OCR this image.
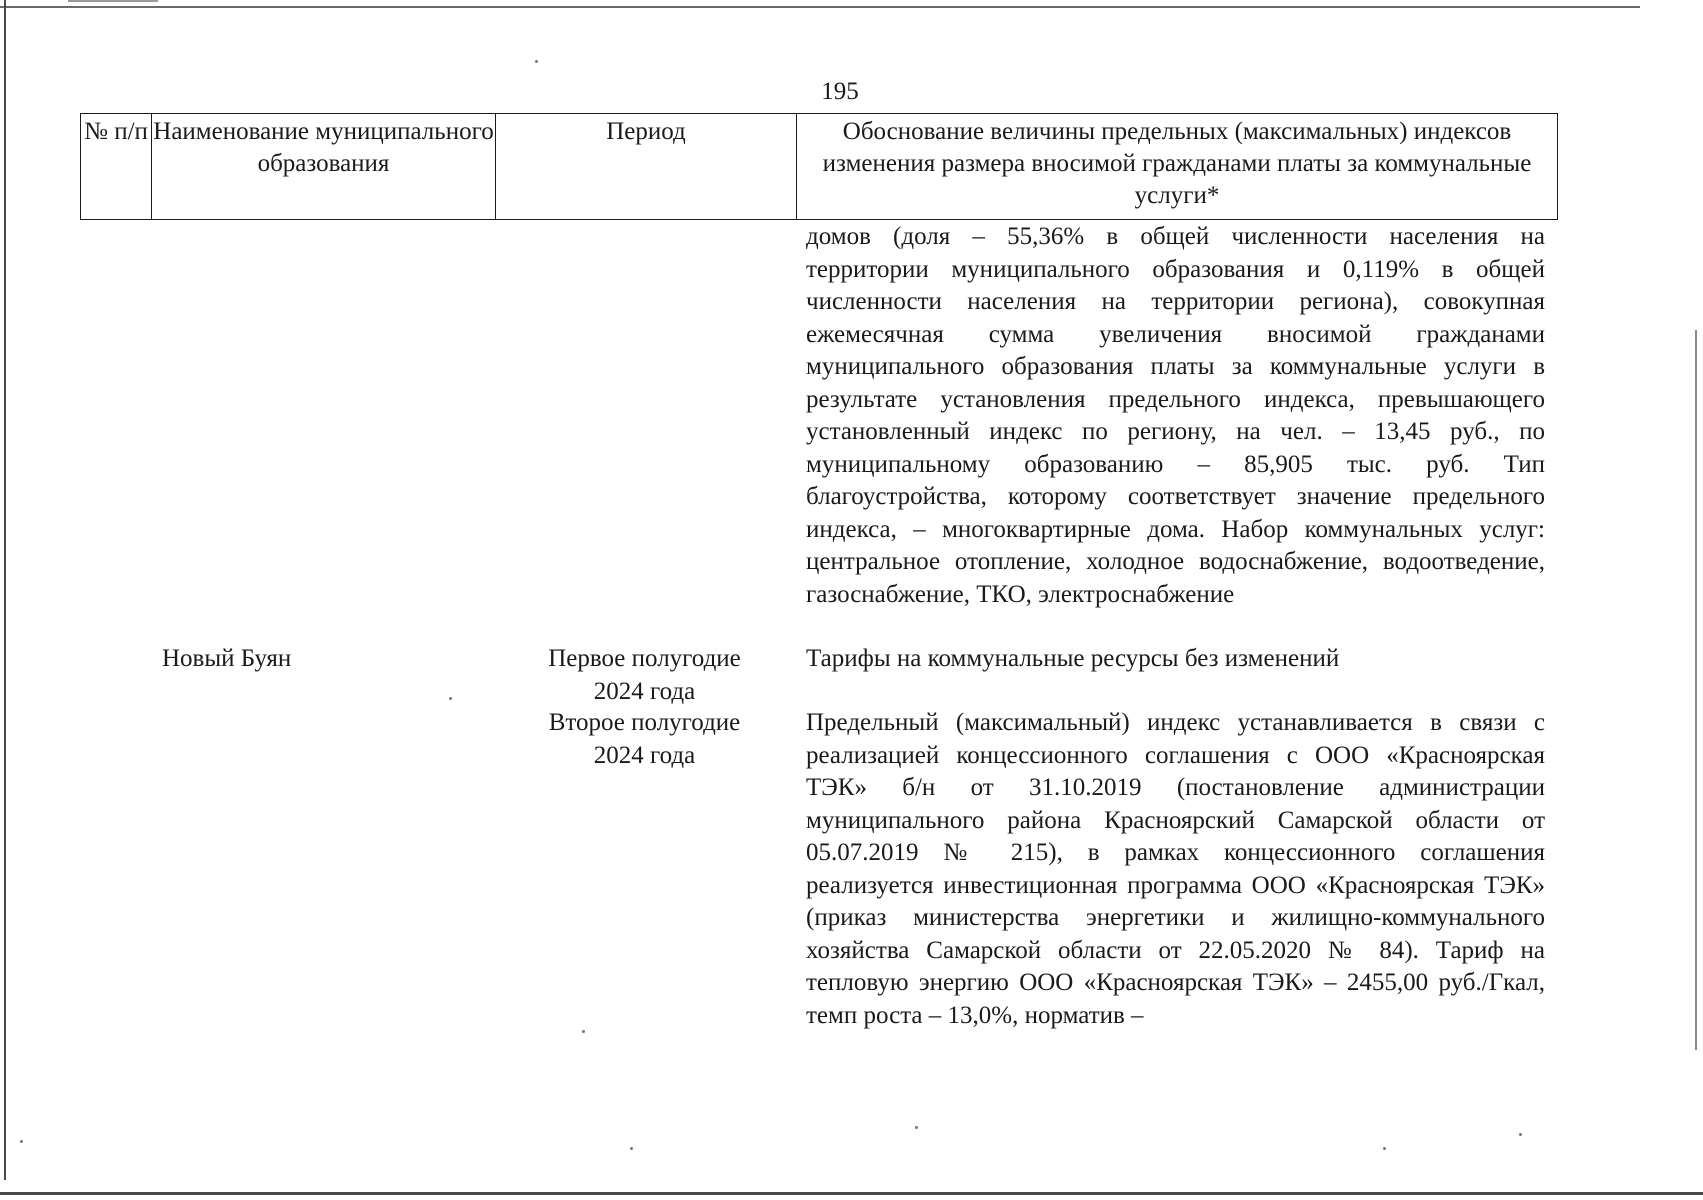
195
№ п/п Наименование муниципального образования
Период	Обоснование величины предельных (максимальных) индексов изменения размера вносимой гражданами платы за коммунальные услуги*
домов (доля – 55,36% в общей численности населения на территории муниципального образования и 0,119% в общей численности населения на территории региона), совокупная ежемесячная сумма увеличения вносимой гражданами муниципального образования платы за коммунальные услуги в результате установления предельного индекса, превышающего установленный индекс по региону, на чел. – 13,45 руб., по муниципальному образованию – 85,905 тыс. руб. Тип благоустройства, которому соответствует значение предельного индекса, – многоквартирные дома. Набор коммунальных услуг: центральное отопление, холодное водоснабжение, водоотведение, газоснабжение, ТКО, электроснабжение
Новый Буян	Первое полугодие 2024 года
Тарифы на коммунальные ресурсы без изменений
Второе полугодие 2024 года
Предельный (максимальный) индекс устанавливается в связи с реализацией концессионного соглашения с ООО «Красноярская ТЭК» б/н от 31.10.2019 (постановление администрации муниципального района Красноярский Самарской области от 05.07.2019 № 215), в рамках концессионного соглашения реализуется инвестиционная программа ООО «Красноярская ТЭК» (приказ министерства энергетики и жилищно-коммунального хозяйства Самарской области от 22.05.2020 № 84). Тариф на тепловую энергию ООО «Красноярская ТЭК» – 2455,00 руб./Гкал, темп роста – 13,0%, норматив –
